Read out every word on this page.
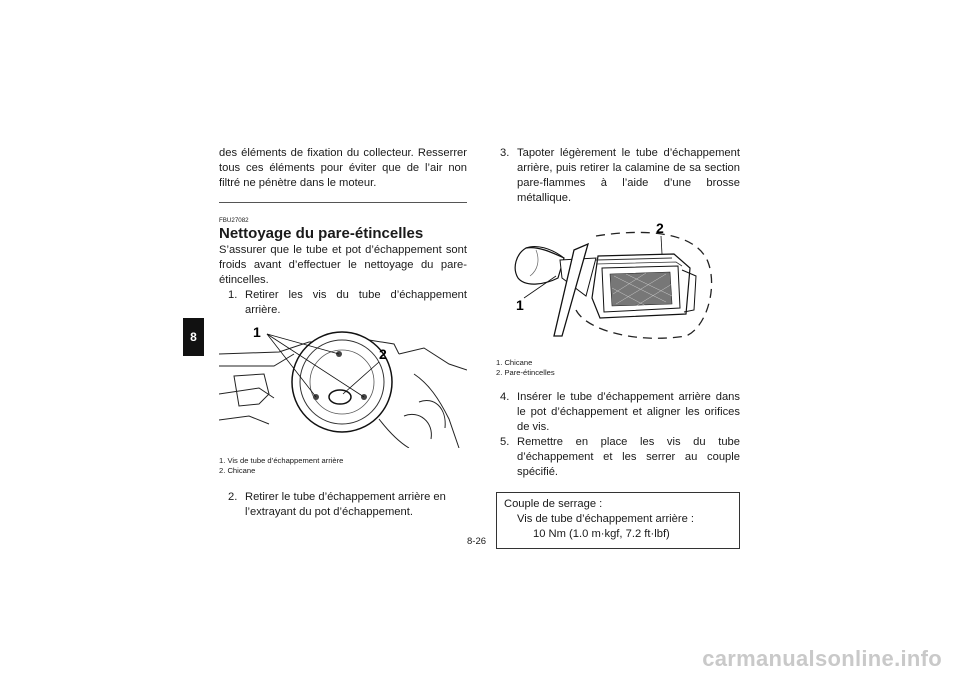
8

des éléments de fixation du collecteur. Resserrer tous ces éléments pour éviter que de l’air non filtré ne pénètre dans le moteur.

FBU27082
Nettoyage du pare-étincelles

S’assurer que le tube et pot d’échappement sont froids avant d’effectuer le nettoyage du pare-étincelles.

1. Retirer les vis du tube d’échappement arrière.
1
2
1. Vis de tube d’échappement arrière
2. Chicane
2. Retirer le tube d’échappement arrière en l’extrayant du pot d’échappement.
3. Tapoter légèrement le tube d’échappement arrière, puis retirer la calamine de sa section pare-flammes à l’aide d’une brosse métallique.
2
1
1. Chicane
2. Pare-étincelles
4. Insérer le tube d’échappement arrière dans le pot d’échappement et aligner les orifices de vis.
5. Remettre en place les vis du tube d’échappement et les serrer au couple spécifié.
Couple de serrage :
Vis de tube d’échappement arrière :
10 Nm (1.0 m·kgf, 7.2 ft·lbf)
8-26
carmanualsonline.info
